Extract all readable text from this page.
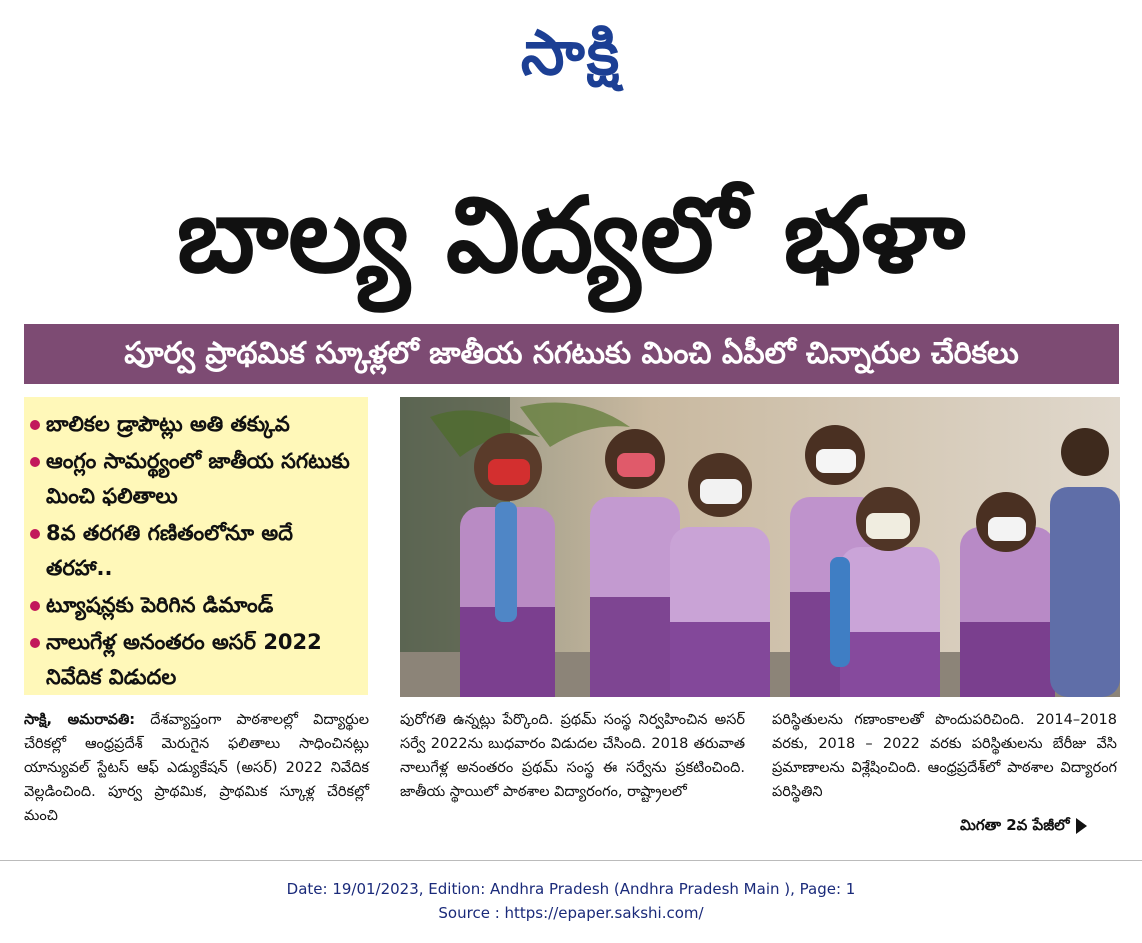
సాక్షి
బాల్య విద్యలో భళా
పూర్వ ప్రాథమిక స్కూళ్లలో జాతీయ సగటుకు మించి ఏపీలో చిన్నారుల చేరికలు
బాలికల డ్రాపౌట్లు అతి తక్కువ
ఆంగ్లం సామర్థ్యంలో జాతీయ సగటుకు మించి ఫలితాలు
8వ తరగతి గణితంలోనూ అదే తరహా..
ట్యూషన్లకు పెరిగిన డిమాండ్
నాలుగేళ్ల అనంతరం అసర్ 2022 నివేదిక విడుదల
సాక్షి, అమరావతి: దేశవ్యాప్తంగా పాఠశాలల్లో విద్యార్థుల చేరికల్లో ఆంధ్రప్రదేశ్ మెరుగైన ఫలితాలు సాధించినట్లు యాన్యువల్ స్టేటస్ ఆఫ్ ఎడ్యుకేషన్ (అసర్) 2022 నివేదిక వెల్లడించింది. పూర్వ ప్రాథమిక, ప్రాథమిక స్కూళ్ల చేరికల్లో మంచి
పురోగతి ఉన్నట్లు పేర్కొంది. ప్రథమ్ సంస్థ నిర్వహించిన అసర్ సర్వే 2022ను బుధవారం విడుదల చేసింది. 2018 తరువాత నాలుగేళ్ల అనంతరం ప్రథమ్ సంస్థ ఈ సర్వేను ప్రకటించింది. జాతీయ స్థాయిలో పాఠశాల విద్యారంగం, రాష్ట్రాలలో
పరిస్థితులను గణాంకాలతో పొందుపరిచింది. 2014–2018 వరకు, 2018 – 2022 వరకు పరిస్థితులను బేరీజు వేసి ప్రమాణాలను విశ్లేషించింది. ఆంధ్రప్రదేశ్‌లో పాఠశాల విద్యారంగ పరిస్థితిని
మిగతా 2వ పేజీలో
Date: 19/01/2023, Edition: Andhra Pradesh (Andhra Pradesh Main ), Page: 1
Source : https://epaper.sakshi.com/
